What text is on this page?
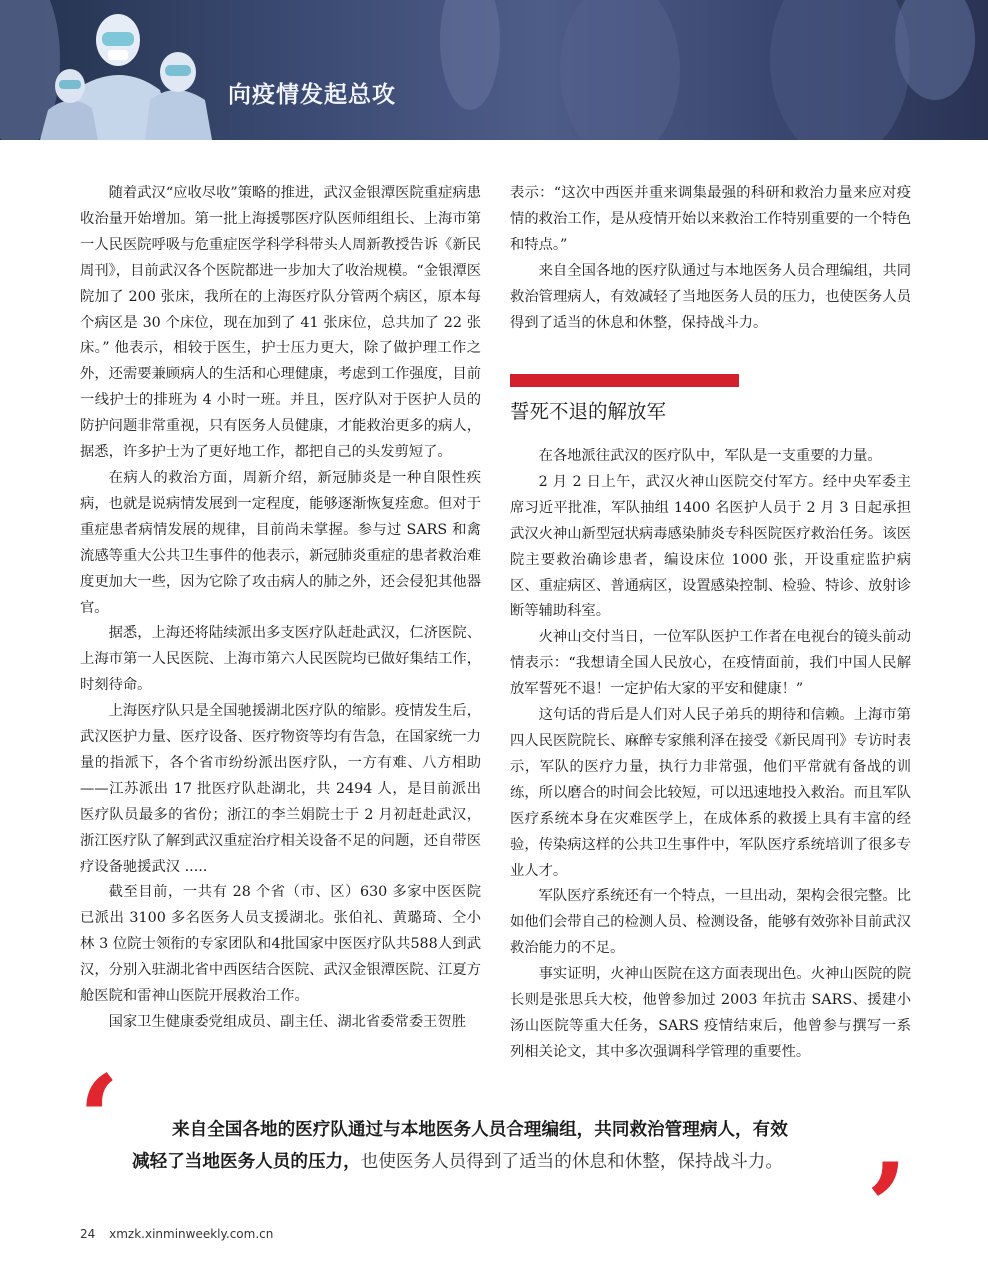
向疫情发起总攻

随着武汉“应收尽收”策略的推进，武汉金银潭医院重症病患收治量开始增加。第一批上海援鄂医疗队医师组组长、上海市第一人民医院呼吸与危重症医学科学科带头人周新教授告诉《新民周刊》，目前武汉各个医院都进一步加大了收治规模。“金银潭医院加了 200 张床，我所在的上海医疗队分管两个病区，原本每个病区是 30 个床位，现在加到了 41 张床位，总共加了 22 张床。” 他表示，相较于医生，护士压力更大，除了做护理工作之外，还需要兼顾病人的生活和心理健康，考虑到工作强度，目前一线护士的排班为 4 小时一班。并且，医疗队对于医护人员的防护问题非常重视，只有医务人员健康，才能救治更多的病人，据悉，许多护士为了更好地工作，都把自己的头发剪短了。

在病人的救治方面，周新介绍，新冠肺炎是一种自限性疾病，也就是说病情发展到一定程度，能够逐渐恢复痊愈。但对于重症患者病情发展的规律，目前尚未掌握。参与过 SARS 和禽流感等重大公共卫生事件的他表示，新冠肺炎重症的患者救治难度更加大一些，因为它除了攻击病人的肺之外，还会侵犯其他器官。

据悉，上海还将陆续派出多支医疗队赶赴武汉，仁济医院、上海市第一人民医院、上海市第六人民医院均已做好集结工作，时刻待命。

上海医疗队只是全国驰援湖北医疗队的缩影。疫情发生后，武汉医护力量、医疗设备、医疗物资等均有告急，在国家统一力量的指派下，各个省市纷纷派出医疗队，一方有难、八方相助——江苏派出 17 批医疗队赴湖北，共 2494 人，是目前派出医疗队员最多的省份；浙江的李兰娟院士于 2 月初赶赴武汉，浙江医疗队了解到武汉重症治疗相关设备不足的问题，还自带医疗设备驰援武汉 .....

截至目前，一共有 28 个省（市、区）630 多家中医医院已派出 3100 多名医务人员支援湖北。张伯礼、黄璐琦、仝小林 3 位院士领衔的专家团队和4批国家中医医疗队共588人到武汉，分别入驻湖北省中西医结合医院、武汉金银潭医院、江夏方舱医院和雷神山医院开展救治工作。

国家卫生健康委党组成员、副主任、湖北省委常委王贺胜

表示：“这次中西医并重来调集最强的科研和救治力量来应对疫情的救治工作，是从疫情开始以来救治工作特别重要的一个特色和特点。”

来自全国各地的医疗队通过与本地医务人员合理编组，共同救治管理病人，有效减轻了当地医务人员的压力，也使医务人员得到了适当的休息和休整，保持战斗力。

誓死不退的解放军

在各地派往武汉的医疗队中，军队是一支重要的力量。

2 月 2 日上午，武汉火神山医院交付军方。经中央军委主席习近平批准，军队抽组 1400 名医护人员于 2 月 3 日起承担武汉火神山新型冠状病毒感染肺炎专科医院医疗救治任务。该医院主要救治确诊患者，编设床位 1000 张，开设重症监护病区、重症病区、普通病区，设置感染控制、检验、特诊、放射诊断等辅助科室。

火神山交付当日，一位军队医护工作者在电视台的镜头前动情表示：“我想请全国人民放心，在疫情面前，我们中国人民解放军誓死不退！一定护佑大家的平安和健康！”

这句话的背后是人们对人民子弟兵的期待和信赖。上海市第四人民医院院长、麻醉专家熊利泽在接受《新民周刊》专访时表示，军队的医疗力量，执行力非常强，他们平常就有备战的训练，所以磨合的时间会比较短，可以迅速地投入救治。而且军队医疗系统本身在灾难医学上，在成体系的救援上具有丰富的经验，传染病这样的公共卫生事件中，军队医疗系统培训了很多专业人才。

军队医疗系统还有一个特点，一旦出动，架构会很完整。比如他们会带自己的检测人员、检测设备，能够有效弥补目前武汉救治能力的不足。

事实证明，火神山医院在这方面表现出色。火神山医院的院长则是张思兵大校，他曾参加过 2003 年抗击 SARS、援建小汤山医院等重大任务，SARS 疫情结束后，他曾参与撰写一系列相关论文，其中多次强调科学管理的重要性。

‘	来自全国各地的医疗队通过与本地医务人员合理编组，共同救治管理病人，有效
减轻了当地医务人员的压力，也使医务人员得到了适当的休息和休整，保持战斗力。 ’
24 xmzk.xinminweekly.com.cn
